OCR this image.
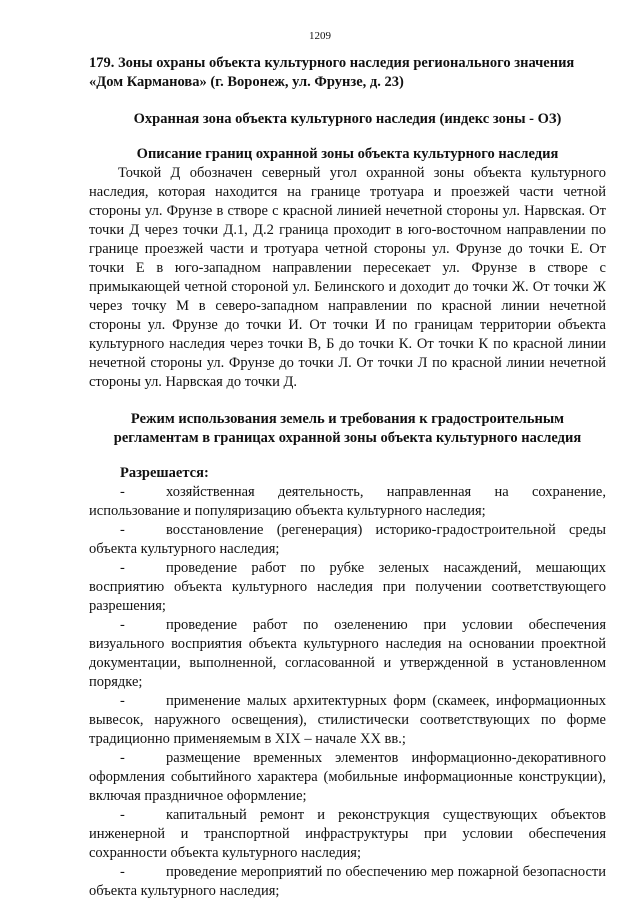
1209

179. Зоны охраны объекта культурного наследия регионального значения «Дом Карманова» (г. Воронеж, ул. Фрунзе, д. 23)

Охранная зона объекта культурного наследия (индекс зоны - ОЗ)

Описание границ охранной зоны объекта культурного наследия

Точкой Д обозначен северный угол охранной зоны объекта культурного наследия, которая находится на границе тротуара и проезжей части четной стороны ул. Фрунзе в створе с красной линией нечетной стороны ул. Нарвская. От точки Д через точки Д.1, Д.2 граница проходит в юго-восточном направлении по границе проезжей части и тротуара четной стороны ул. Фрунзе до точки Е. От точки Е в юго-западном направлении пересекает ул. Фрунзе в створе с примыкающей четной стороной ул. Белинского и доходит до точки Ж. От точки Ж через точку М в северо-западном направлении по красной линии нечетной стороны ул. Фрунзе до точки И. От точки И по границам территории объекта культурного наследия через точки В, Б до точки К. От точки К по красной линии нечетной стороны ул. Фрунзе до точки Л. От точки Л по красной линии нечетной стороны ул. Нарвская до точки Д.

Режим использования земель и требования к градостроительным регламентам в границах охранной зоны объекта культурного наследия

Разрешается:

-	хозяйственная деятельность, направленная на сохранение, использование и популяризацию объекта культурного наследия;
-	восстановление (регенерация) историко-градостроительной среды объекта культурного наследия;
-	проведение работ по рубке зеленых насаждений, мешающих восприятию объекта культурного наследия при получении соответствующего разрешения;
-	проведение работ по озеленению при условии обеспечения визуального восприятия объекта культурного наследия на основании проектной документации, выполненной, согласованной и утвержденной в установленном порядке;
-	применение малых архитектурных форм (скамеек, информационных вывесок, наружного освещения), стилистически соответствующих по форме традиционно применяемым в XIX – начале XX вв.;
-	размещение временных элементов информационно-декоративного оформления событийного характера (мобильные информационные конструкции), включая праздничное оформление;
-	капитальный ремонт и реконструкция существующих объектов инженерной и транспортной инфраструктуры при условии обеспечения сохранности объекта культурного наследия;
-	проведение мероприятий по обеспечению мер пожарной безопасности объекта культурного наследия;
